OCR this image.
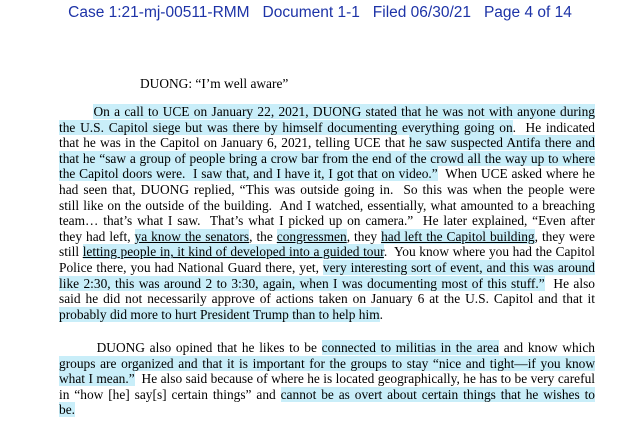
Case 1:21-mj-00511-RMM   Document 1-1   Filed 06/30/21   Page 4 of 14
DUONG: “I’m well aware”
On a call to UCE on January 22, 2021, DUONG stated that he was not with anyone during
the U.S. Capitol siege but was there by himself documenting everything going on.  He indicated
that he was in the Capitol on January 6, 2021, telling UCE that he saw suspected Antifa there and
that he “saw a group of people bring a crow bar from the end of the crowd all the way up to where
the Capitol doors were.  I saw that, and I have it, I got that on video.”  When UCE asked where he
had seen that, DUONG replied, “This was outside going in.  So this was when the people were
still like on the outside of the building.  And I watched, essentially, what amounted to a breaching
team… that’s what I saw.  That’s what I picked up on camera.”  He later explained, “Even after
they had left, ya know the senators, the congressmen, they had left the Capitol building, they were
still letting people in, it kind of developed into a guided tour.  You know where you had the Capitol
Police there, you had National Guard there, yet, very interesting sort of event, and this was around
like 2:30, this was around 2 to 3:30, again, when I was documenting most of this stuff.”  He also
said he did not necessarily approve of actions taken on January 6 at the U.S. Capitol and that it
probably did more to hurt President Trump than to help him.
DUONG also opined that he likes to be connected to militias in the area and know which
groups are organized and that it is important for the groups to stay “nice and tight—if you know
what I mean.”  He also said because of where he is located geographically, he has to be very careful
in “how [he] say[s] certain things” and cannot be as overt about certain things that he wishes to
be.
